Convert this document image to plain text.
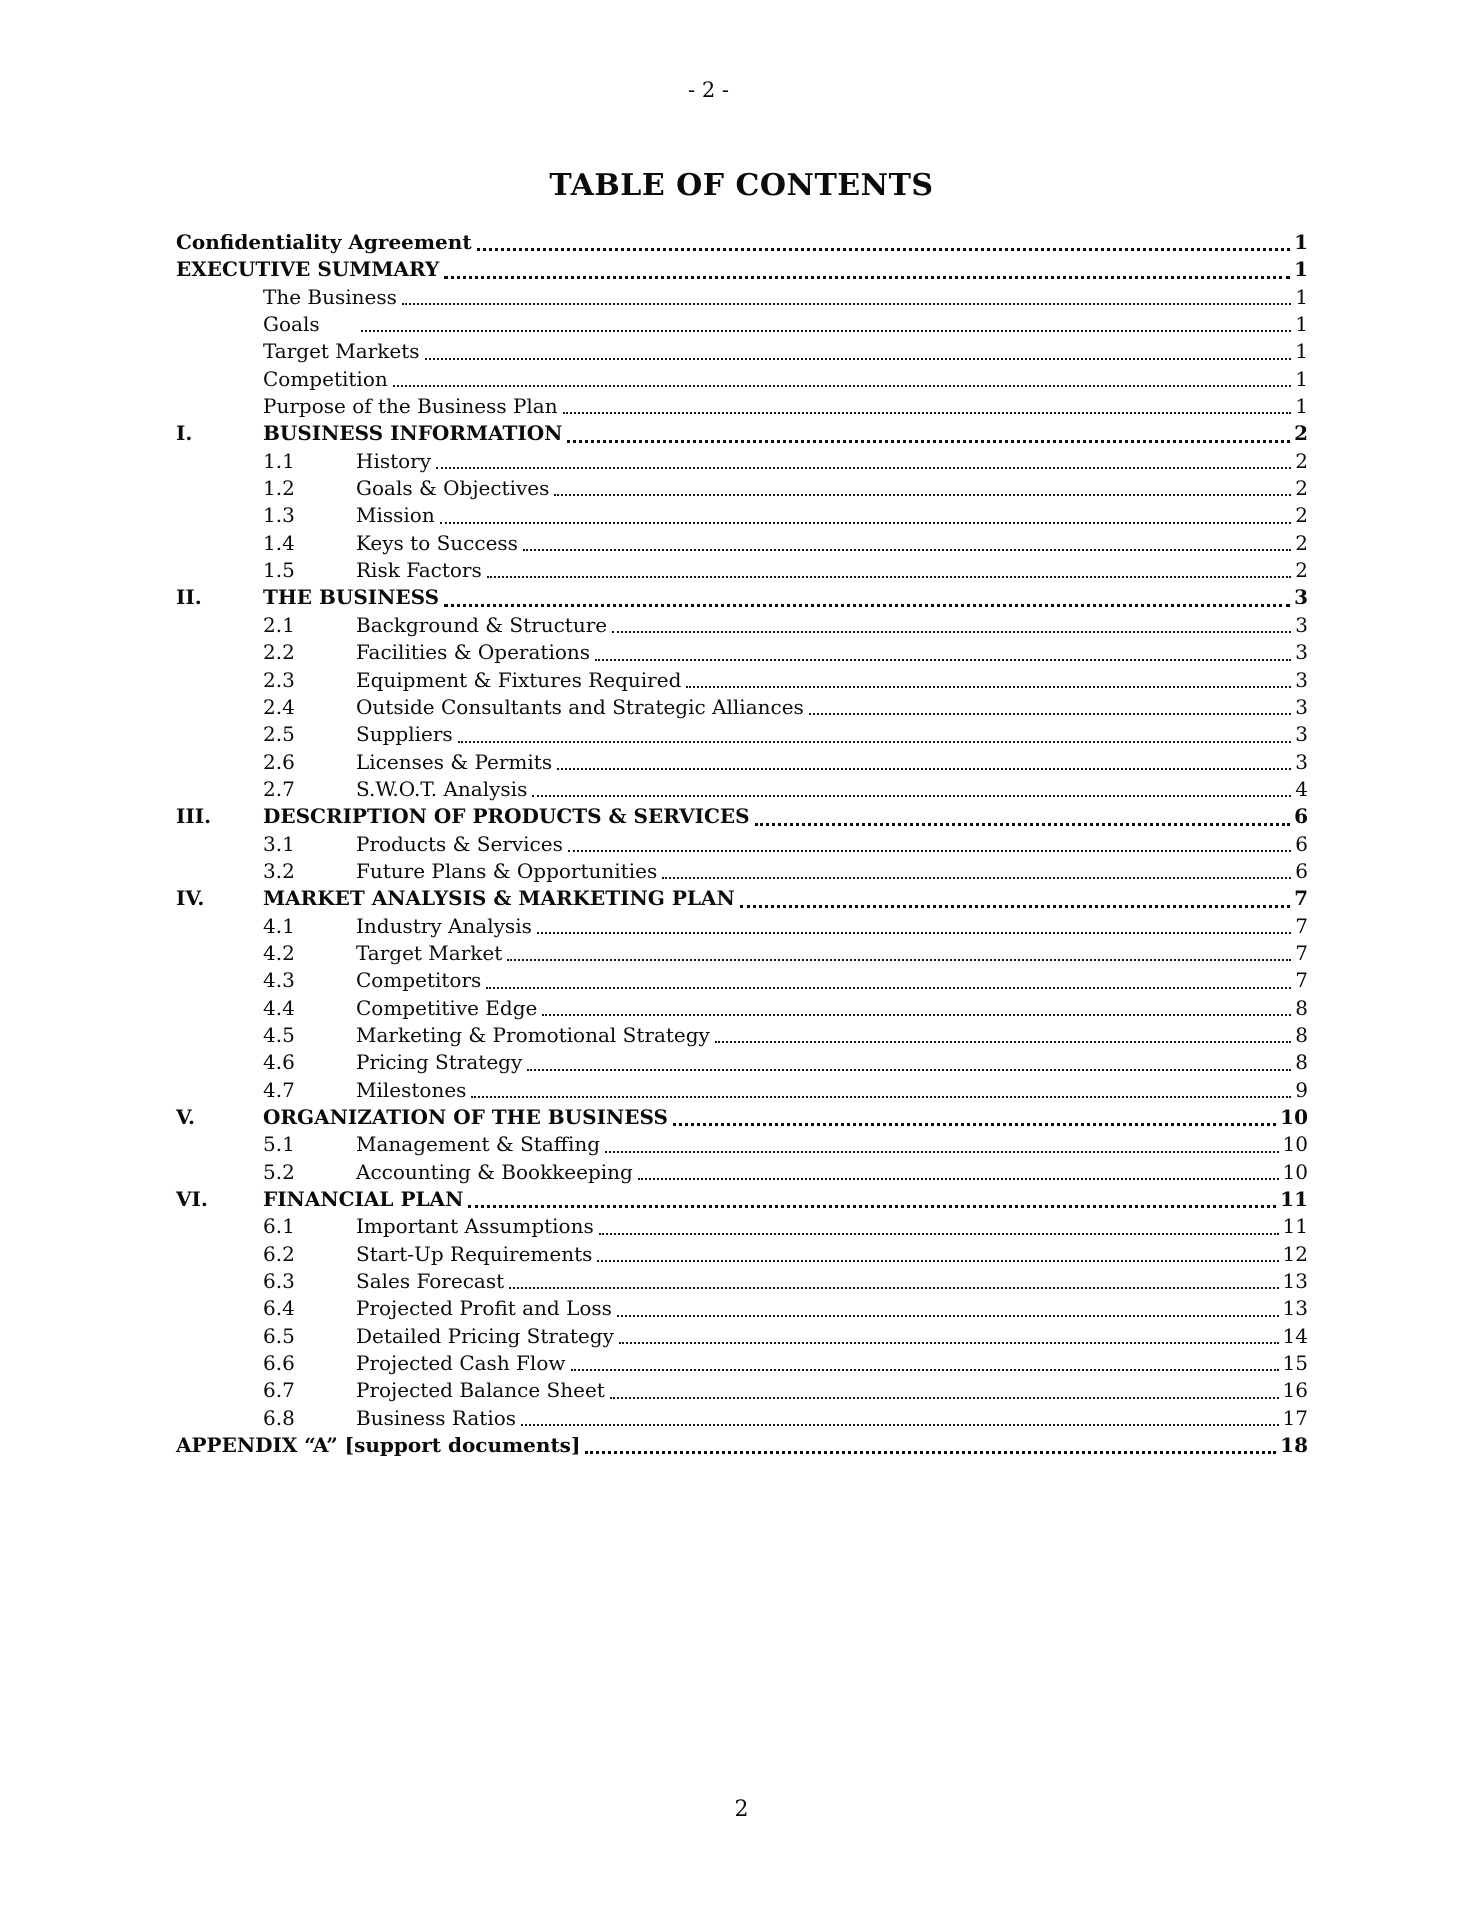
- 2 -
TABLE OF CONTENTS
Confidentiality Agreement	1
EXECUTIVE SUMMARY	1
The Business	1
Goals	1
Target Markets	1
Competition	1
Purpose of the Business Plan	1
I.	BUSINESS INFORMATION	2
1.1	History	2
1.2	Goals & Objectives	2
1.3	Mission	2
1.4	Keys to Success	2
1.5	Risk Factors	2
II.	THE BUSINESS	3
2.1	Background & Structure	3
2.2	Facilities & Operations	3
2.3	Equipment & Fixtures Required	3
2.4	Outside Consultants and Strategic Alliances	3
2.5	Suppliers	3
2.6	Licenses & Permits	3
2.7	S.W.O.T. Analysis	4
III.	DESCRIPTION OF PRODUCTS & SERVICES	6
3.1	Products & Services	6
3.2	Future Plans & Opportunities	6
IV.	MARKET ANALYSIS & MARKETING PLAN	7
4.1	Industry Analysis	7
4.2	Target Market	7
4.3	Competitors	7
4.4	Competitive Edge	8
4.5	Marketing & Promotional Strategy	8
4.6	Pricing Strategy	8
4.7	Milestones	9
V.	ORGANIZATION OF THE BUSINESS	10
5.1	Management & Staffing	10
5.2	Accounting & Bookkeeping	10
VI.	FINANCIAL PLAN	11
6.1	Important Assumptions	11
6.2	Start-Up Requirements	12
6.3	Sales Forecast	13
6.4	Projected Profit and Loss	13
6.5	Detailed Pricing Strategy	14
6.6	Projected Cash Flow	15
6.7	Projected Balance Sheet	16
6.8	Business Ratios	17
APPENDIX “A” [support documents]	18
2
